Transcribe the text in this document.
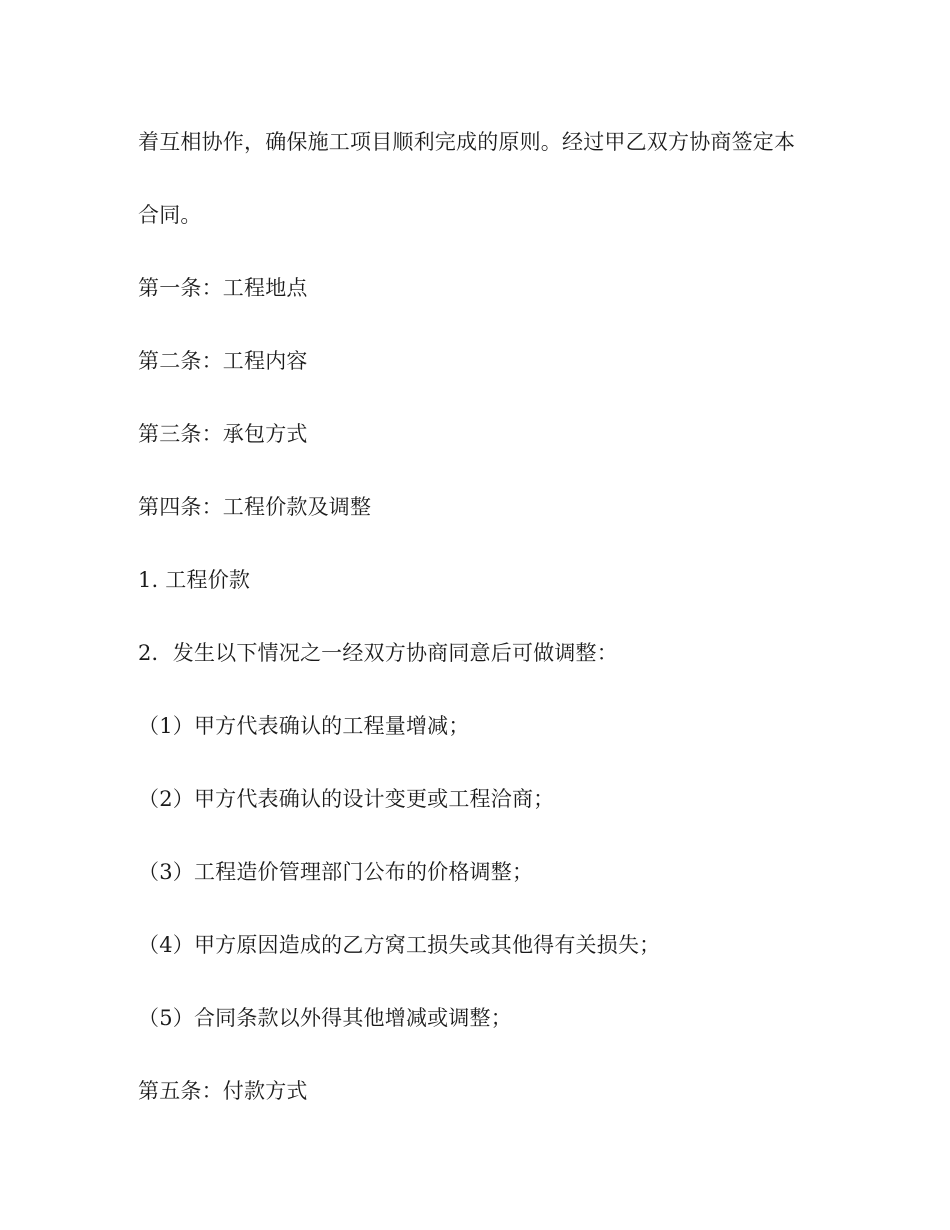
着互相协作，确保施工项目顺利完成的原则。经过甲乙双方协商签定本
合同。
第一条：工程地点
第二条：工程内容
第三条：承包方式
第四条：工程价款及调整
1. 工程价款
2．发生以下情况之一经双方协商同意后可做调整：
（1）甲方代表确认的工程量增减；
（2）甲方代表确认的设计变更或工程洽商；
（3）工程造价管理部门公布的价格调整；
（4）甲方原因造成的乙方窝工损失或其他得有关损失；
（5）合同条款以外得其他增减或调整；
第五条：付款方式
